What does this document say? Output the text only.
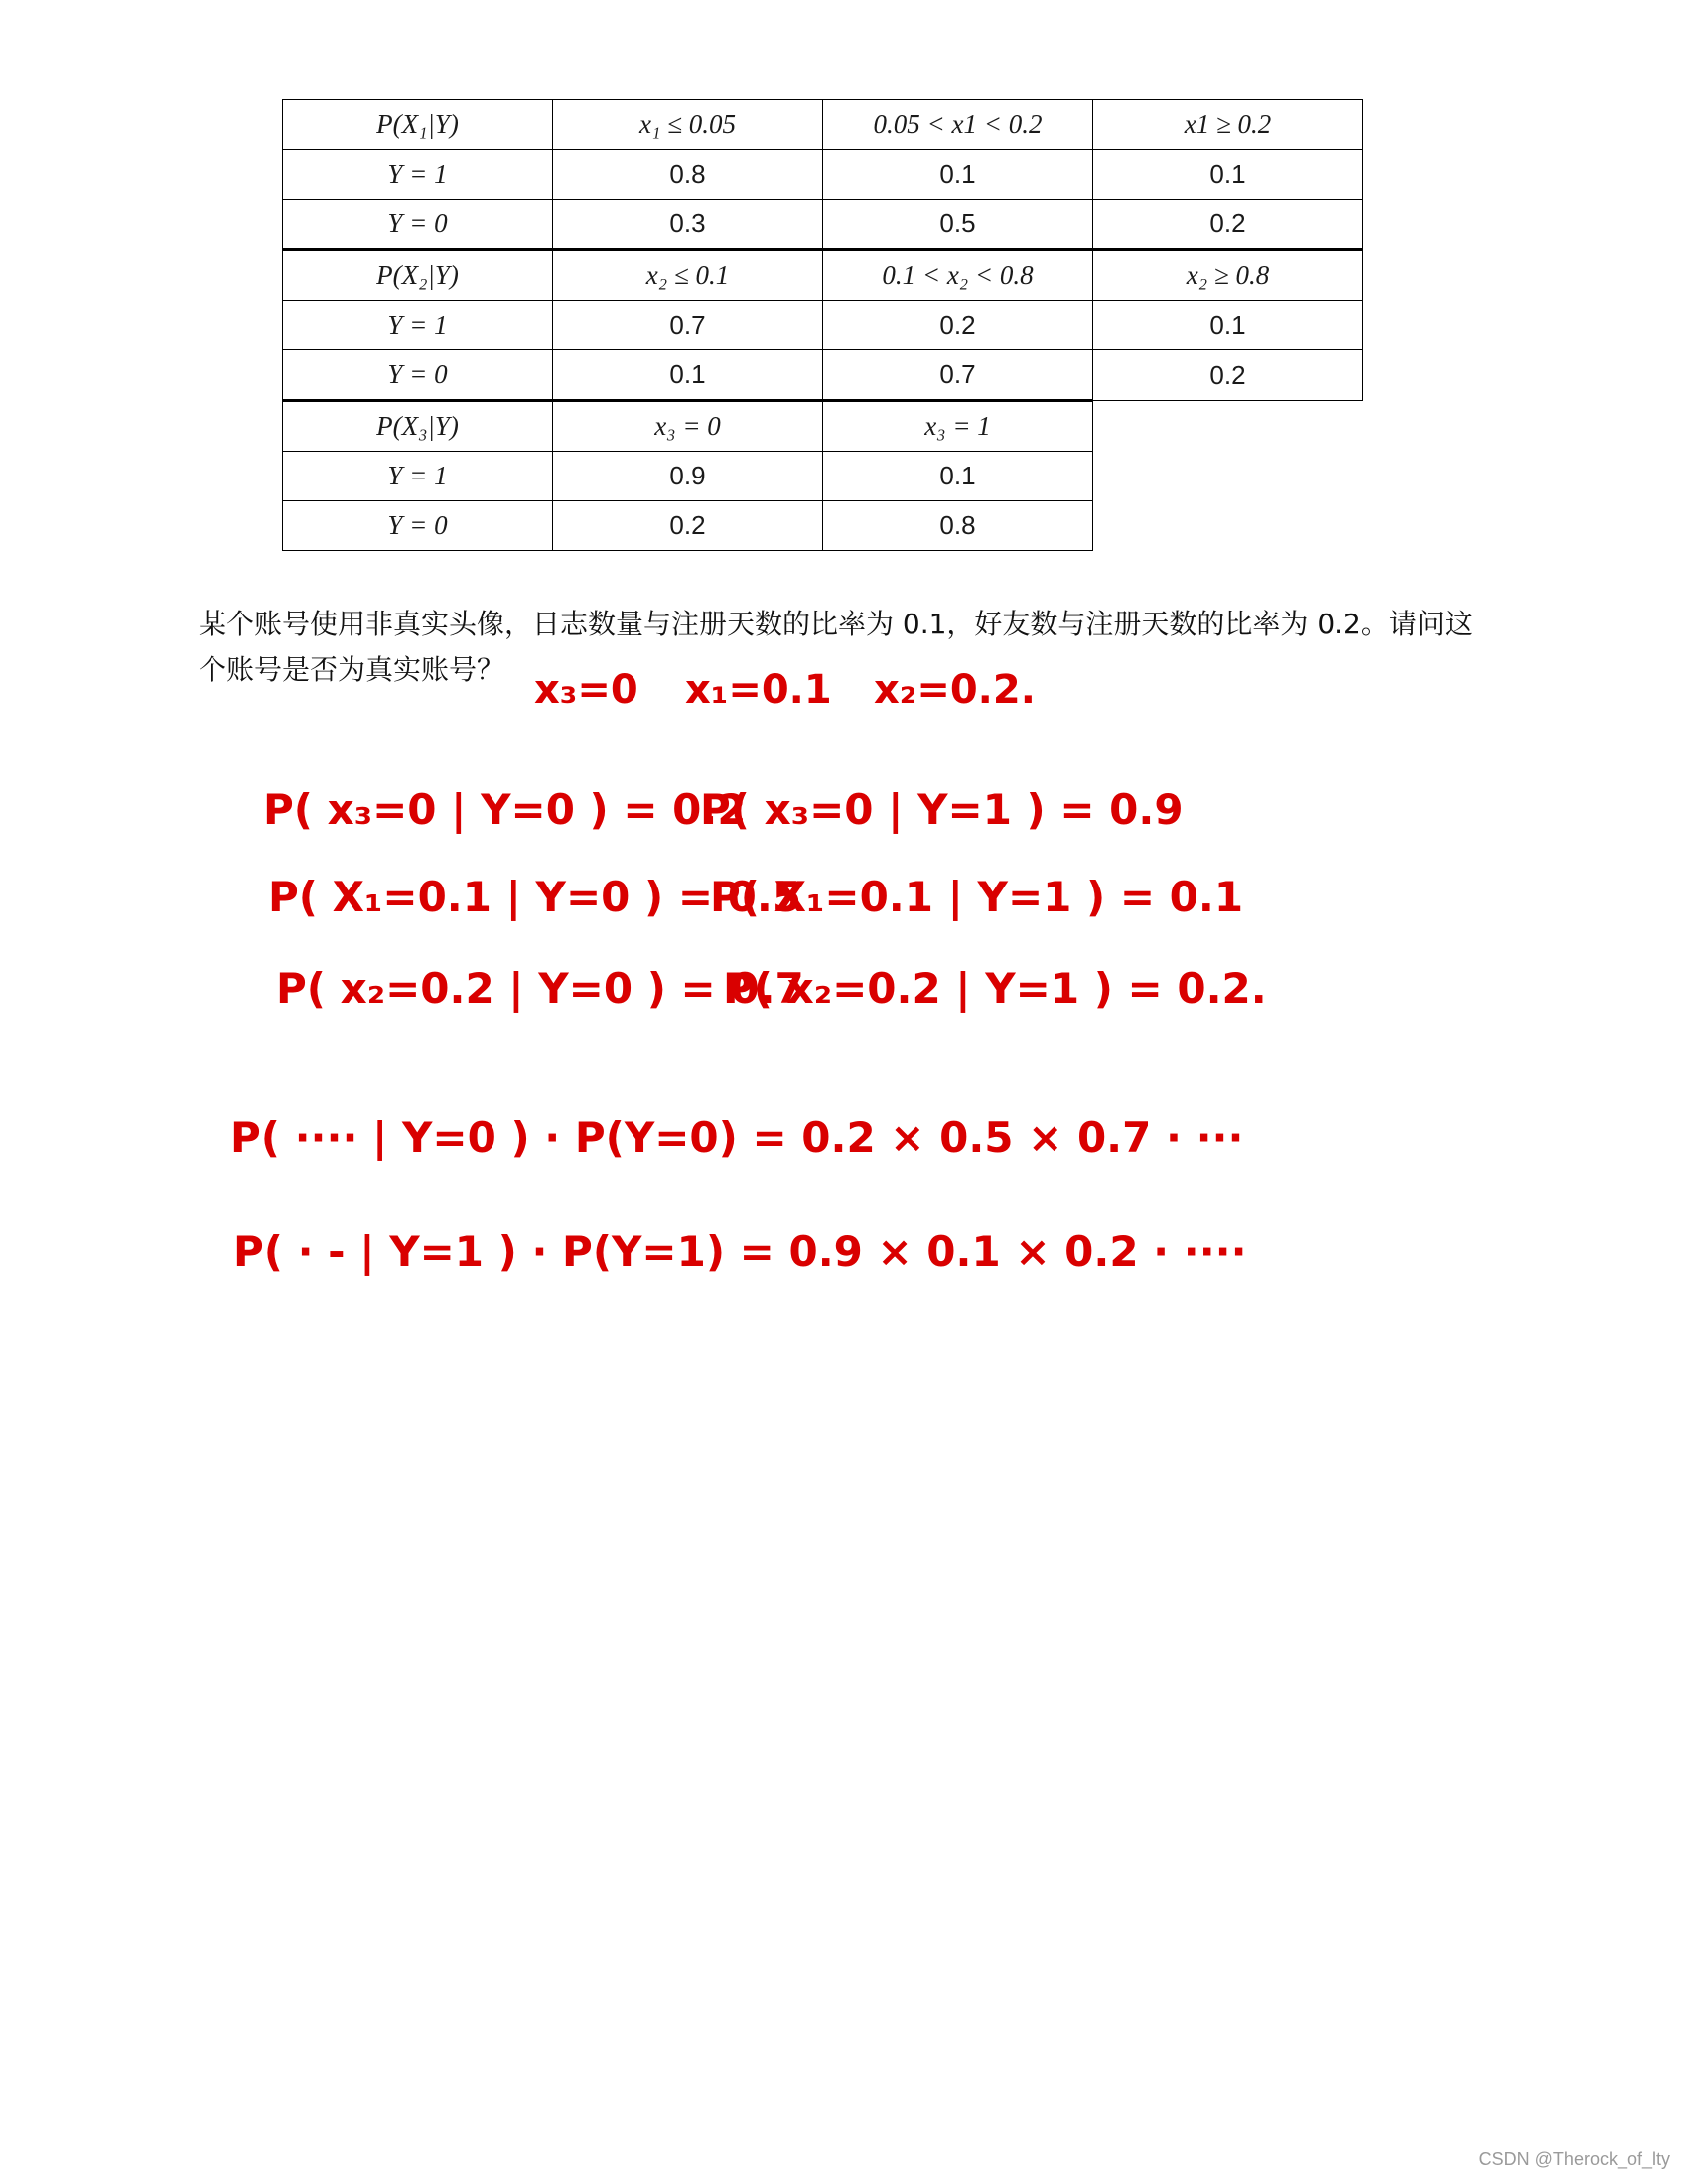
P(X₁|Y)	x₁ ≤ 0.05	0.05 < x1 < 0.2	x1 ≥ 0.2
Y = 1	0.8	0.1	0.1
Y = 0	0.3	0.5	0.2
P(X₂|Y)	x₂ ≤ 0.1	0.1 < x₂ < 0.8	x₂ ≥ 0.8
Y = 1	0.7	0.2	0.1
Y = 0	0.1	0.7	0.2
P(X₃|Y)	x₃ = 0	x₃ = 1	
Y = 1	0.9	0.1	
Y = 0	0.2	0.8	
某个账号使用非真实头像，日志数量与注册天数的比率为 0.1，好友数与注册天数的比率为 0.2。请问这
个账号是否为真实账号？ x₃=0 x₁=0.1 x₂=0.2.
P( x₃=0 | Y=0 ) = 0.2
P( x₃=0 | Y=1 ) = 0.9
P( X₁=0.1 | Y=0 ) = 0.5
P( X₁=0.1 | Y=1 ) = 0.1
P( x₂=0.2 | Y=0 ) = 0.7
P( x₂=0.2 | Y=1 ) = 0.2.
P( ···· | Y=0 ) · P(Y=0) = 0.2 × 0.5 × 0.7 · ···
P( · - | Y=1 ) · P(Y=1) = 0.9 × 0.1 × 0.2 · ····
CSDN @Therock_of_lty
